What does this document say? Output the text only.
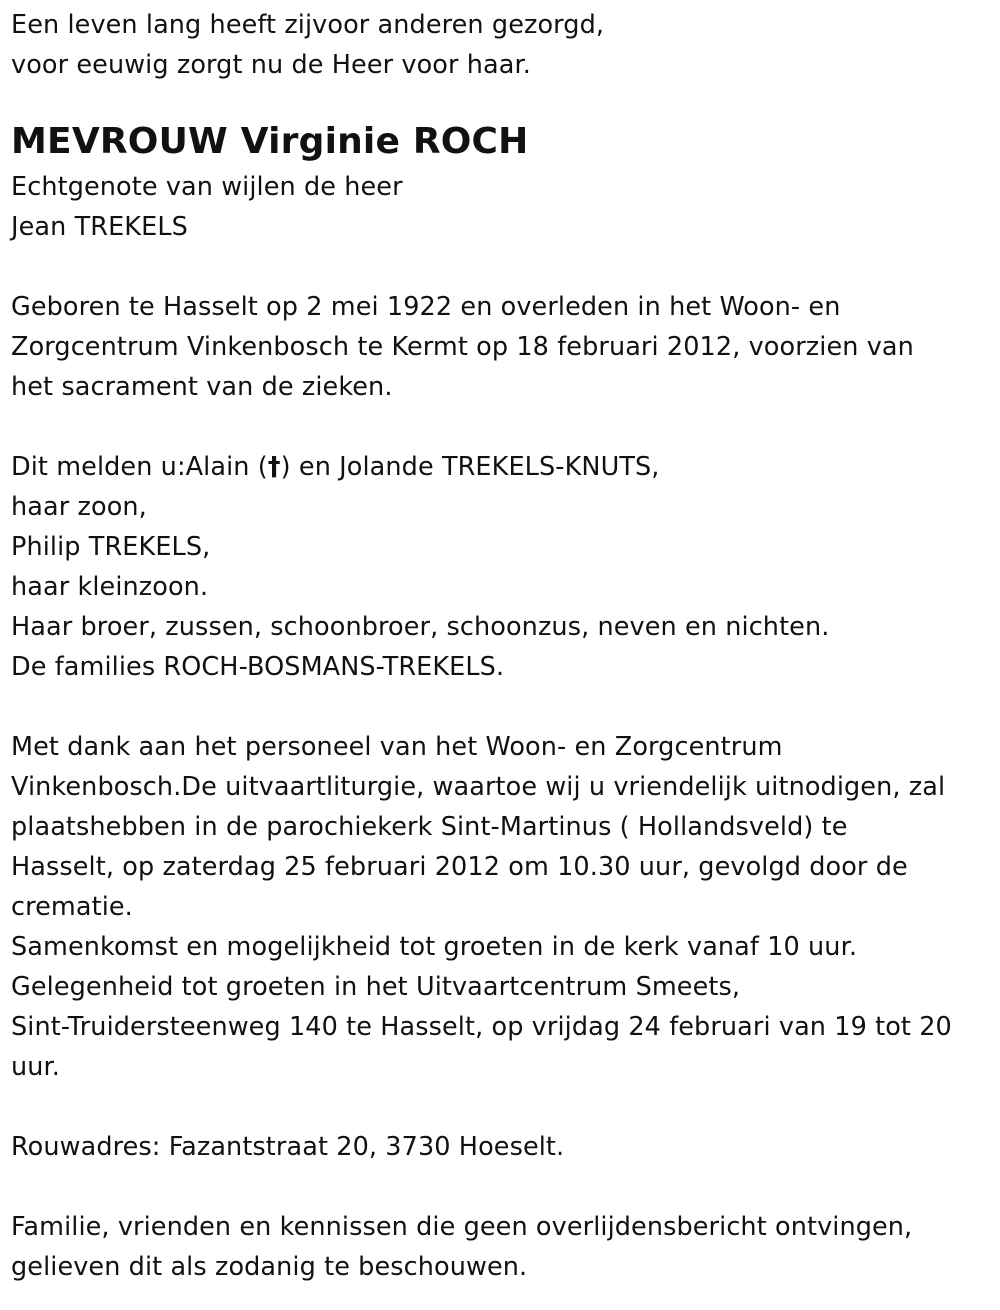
Een leven lang heeft zijvoor anderen gezorgd,
voor eeuwig zorgt nu de Heer voor haar.
MEVROUW Virginie ROCH
Echtgenote van wijlen de heer
Jean TREKELS
Geboren te Hasselt op 2 mei 1922 en overleden in het Woon- en
Zorgcentrum Vinkenbosch te Kermt op 18 februari 2012, voorzien van
het sacrament van de zieken.
Dit melden u:Alain (†) en Jolande TREKELS-KNUTS,
haar zoon,
Philip TREKELS,
haar kleinzoon.
Haar broer, zussen, schoonbroer, schoonzus, neven en nichten.
De families ROCH-BOSMANS-TREKELS.
Met dank aan het personeel van het Woon- en Zorgcentrum
Vinkenbosch.De uitvaartliturgie, waartoe wij u vriendelijk uitnodigen, zal
plaatshebben in de parochiekerk Sint-Martinus ( Hollandsveld) te
Hasselt, op zaterdag 25 februari 2012 om 10.30 uur, gevolgd door de
crematie.
Samenkomst en mogelijkheid tot groeten in de kerk vanaf 10 uur.
Gelegenheid tot groeten in het Uitvaartcentrum Smeets,
Sint-Truidersteenweg 140 te Hasselt, op vrijdag 24 februari van 19 tot 20
uur.
Rouwadres: Fazantstraat 20, 3730 Hoeselt.
Familie, vrienden en kennissen die geen overlijdensbericht ontvingen,
gelieven dit als zodanig te beschouwen.
